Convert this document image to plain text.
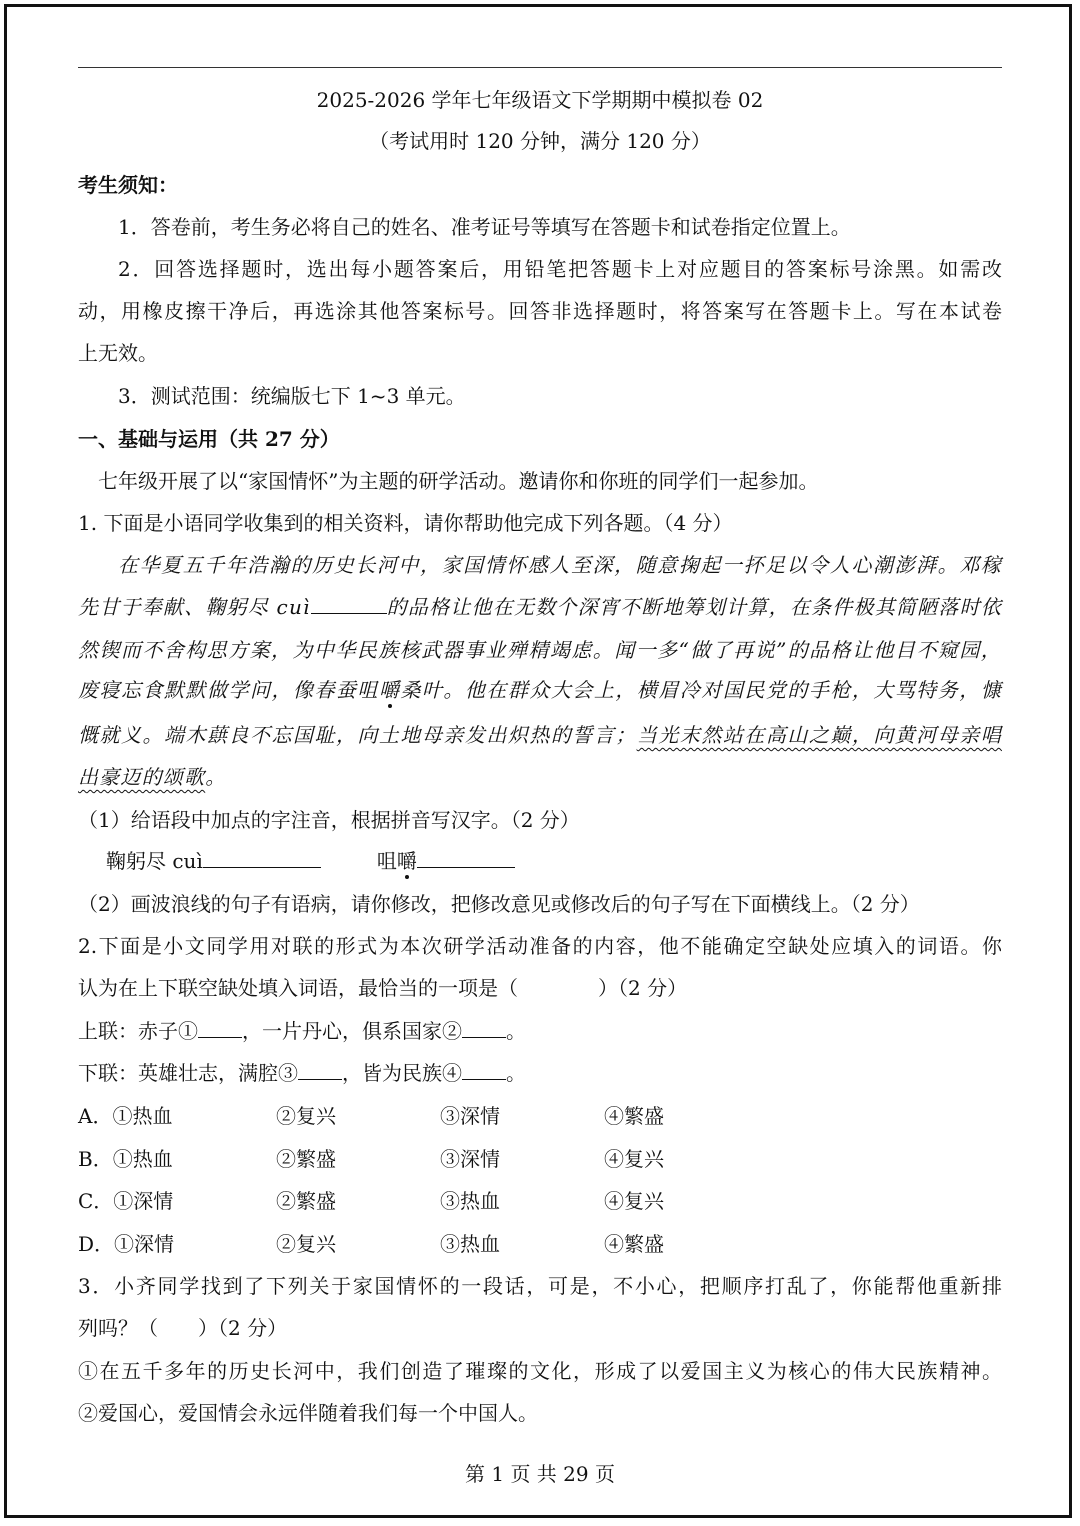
2025-2026 学年七年级语文下学期期中模拟卷 02
（考试用时 120 分钟，满分 120 分）
考生须知：
1．答卷前，考生务必将自己的姓名、准考证号等填写在答题卡和试卷指定位置上。
2．回答选择题时，选出每小题答案后，用铅笔把答题卡上对应题目的答案标号涂黑。如需改
动，用橡皮擦干净后，再选涂其他答案标号。回答非选择题时，将答案写在答题卡上。写在本试卷
上无效。
3．测试范围：统编版七下 1~3 单元。
一、基础与运用（共 27 分）
七年级开展了以“家国情怀”为主题的研学活动。邀请你和你班的同学们一起参加。
1. 下面是小语同学收集到的相关资料，请你帮助他完成下列各题。（4 分）
在华夏五千年浩瀚的历史长河中，家国情怀感人至深，随意掬起一抔足以令人心潮澎湃。邓稼
先甘于奉献、鞠躬尽 cuì	的品格让他在无数个深宵不断地筹划计算，在条件极其简陋落时依
然锲而不舍构思方案，为中华民族核武器事业殚精竭虑。闻一多“做了再说”的品格让他目不窥园，
废寝忘食默默做学问，像春蚕咀嚼桑叶。他在群众大会上，横眉冷对国民党的手枪，大骂特务，慷
慨就义。端木蕻良不忘国耻，向土地母亲发出炽热的誓言；当光末然站在高山之巅，向黄河母亲唱
出豪迈的颂歌。
（1）给语段中加点的字注音，根据拼音写汉字。（2 分）
鞠躬尽 cuì	咀嚼
（2）画波浪线的句子有语病，请你修改，把修改意见或修改后的句子写在下面横线上。（2 分）
2.下面是小文同学用对联的形式为本次研学活动准备的内容，他不能确定空缺处应填入的词语。你
认为在上下联空缺处填入词语，最恰当的一项是（　　　　）（2 分）
上联：赤子① ，一片丹心，俱系国家② 。
下联：英雄壮志，满腔③ ，皆为民族④ 。
A．①热血	②复兴	③深情	④繁盛
B．①热血	②繁盛	③深情	④复兴
C．①深情	②繁盛	③热血	④复兴
D．①深情	②复兴	③热血	④繁盛
3．小齐同学找到了下列关于家国情怀的一段话，可是，不小心，把顺序打乱了，你能帮他重新排
列吗？（　　）（2 分）
①在五千多年的历史长河中，我们创造了璀璨的文化，形成了以爱国主义为核心的伟大民族精神。
②爱国心，爱国情会永远伴随着我们每一个中国人。
第 1 页 共 29 页
